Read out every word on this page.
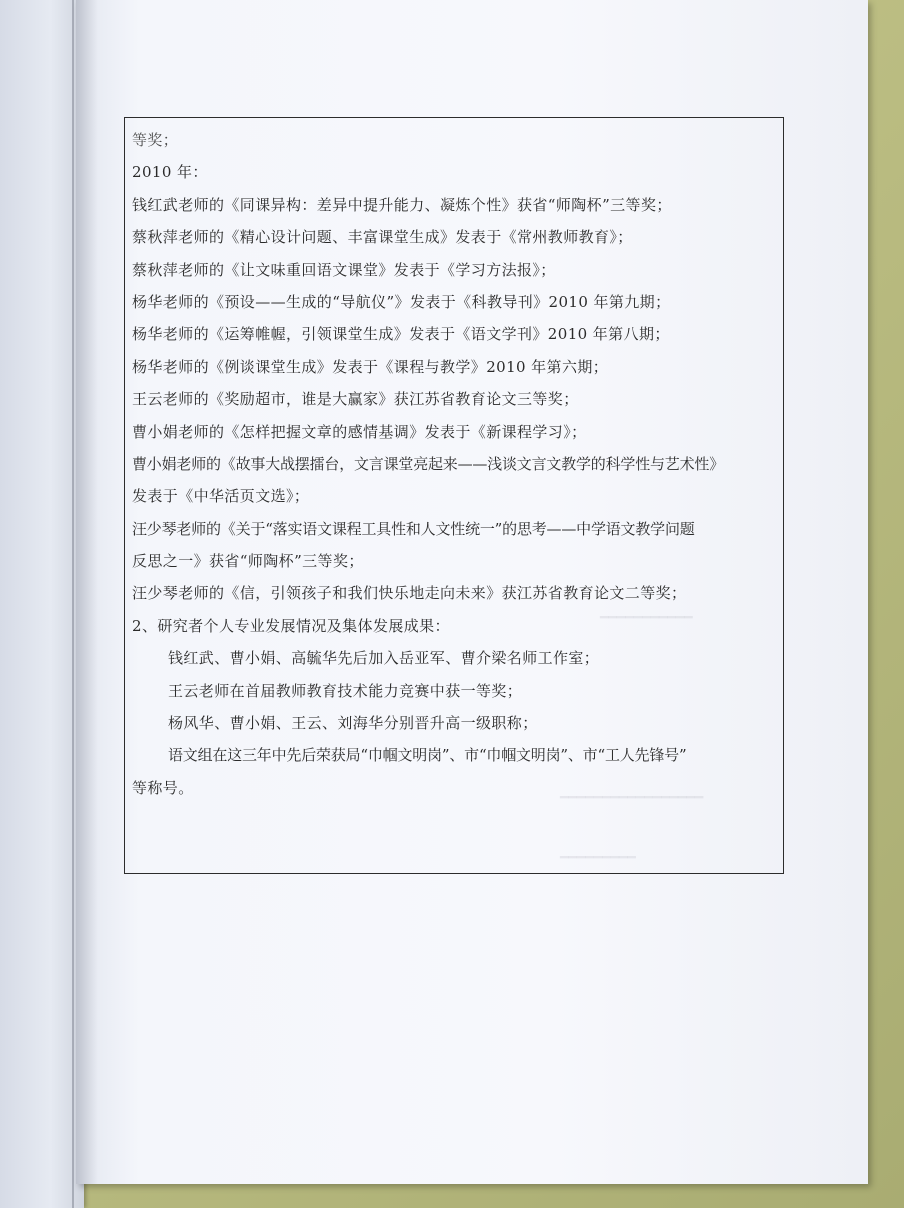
━━━━━━━━━━━
━━━━━━━━━━━━━━━━━
━━━━━━━━━
等奖；
2010 年：
钱红武老师的《同课异构：差异中提升能力、凝炼个性》获省“师陶杯”三等奖；
蔡秋萍老师的《精心设计问题、丰富课堂生成》发表于《常州教师教育》；
蔡秋萍老师的《让文味重回语文课堂》发表于《学习方法报》；
杨华老师的《预设——生成的“导航仪”》发表于《科教导刊》2010 年第九期；
杨华老师的《运筹帷幄，引领课堂生成》发表于《语文学刊》2010 年第八期；
杨华老师的《例谈课堂生成》发表于《课程与教学》2010 年第六期；
王云老师的《奖励超市，谁是大赢家》获江苏省教育论文三等奖；
曹小娟老师的《怎样把握文章的感情基调》发表于《新课程学习》；
曹小娟老师的《故事大战摆擂台，文言课堂亮起来——浅谈文言文教学的科学性与艺术性》
发表于《中华活页文选》；
汪少琴老师的《关于“落实语文课程工具性和人文性统一”的思考——中学语文教学问题
反思之一》获省“师陶杯”三等奖；
汪少琴老师的《信，引领孩子和我们快乐地走向未来》获江苏省教育论文二等奖；
2、研究者个人专业发展情况及集体发展成果：
钱红武、曹小娟、高毓华先后加入岳亚军、曹介梁名师工作室；
王云老师在首届教师教育技术能力竞赛中获一等奖；
杨风华、曹小娟、王云、刘海华分别晋升高一级职称；
语文组在这三年中先后荣获局“巾帼文明岗”、市“巾帼文明岗”、市“工人先锋号”
等称号。
